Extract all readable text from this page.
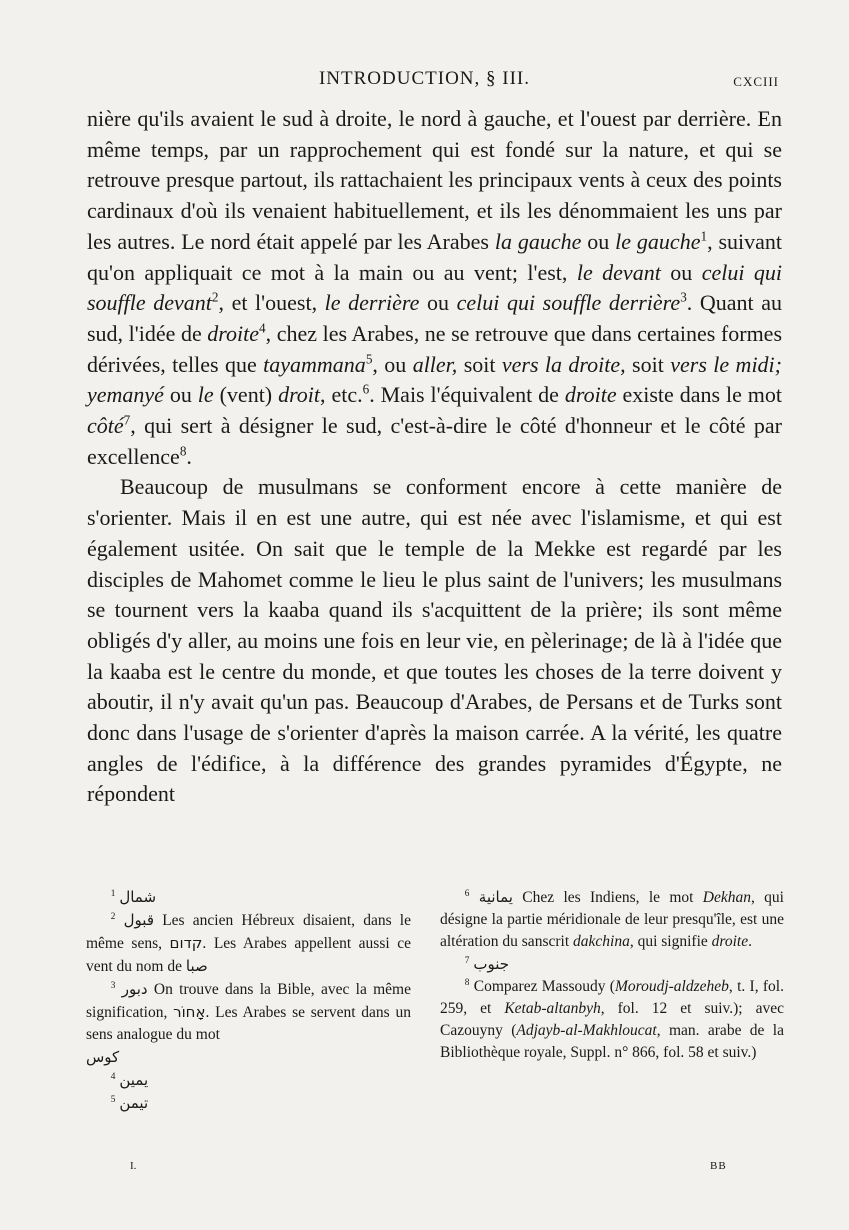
INTRODUCTION, § III.	CXCIII

nière qu'ils avaient le sud à droite, le nord à gauche, et l'ouest par derrière. En même temps, par un rapprochement qui est fondé sur la nature, et qui se retrouve presque partout, ils rattachaient les principaux vents à ceux des points cardinaux d'où ils venaient habituellement, et ils les dénommaient les uns par les autres. Le nord était appelé par les Arabes la gauche ou le gauche$^1$, suivant qu'on appliquait ce mot à la main ou au vent; l'est, le devant ou celui qui souffle devant$^2$, et l'ouest, le derrière ou celui qui souffle derrière$^3$. Quant au sud, l'idée de droite$^4$, chez les Arabes, ne se retrouve que dans certaines formes dérivées, telles que tayammana$^5$, ou aller, soit vers la droite, soit vers le midi; yemanyé ou le (vent) droit, etc.$^6$. Mais l'équivalent de droite existe dans le mot côté$^7$, qui sert à désigner le sud, c'est-à-dire le côté d'honneur et le côté par excellence$^8$.

Beaucoup de musulmans se conforment encore à cette manière de s'orienter. Mais il en est une autre, qui est née avec l'islamisme, et qui est également usitée. On sait que le temple de la Mekke est regardé par les disciples de Mahomet comme le lieu le plus saint de l'univers; les musulmans se tournent vers la kaaba quand ils s'acquittent de la prière; ils sont même obligés d'y aller, au moins une fois en leur vie, en pèlerinage; de là à l'idée que la kaaba est le centre du monde, et que toutes les choses de la terre doivent y aboutir, il n'y avait qu'un pas. Beaucoup d'Arabes, de Persans et de Turks sont donc dans l'usage de s'orienter d'après la maison carrée. A la vérité, les quatre angles de l'édifice, à la différence des grandes pyramides d'Égypte, ne répondent

$^1$ شمال

$^2$ قبول Les ancien Hébreux disaient, dans le même sens, קדום. Les Arabes appellent aussi ce vent du nom de صبا

$^3$ دبور On trouve dans la Bible, avec la même signification, אָחוֹר. Les Arabes se servent dans un sens analogue du mot

كوس

$^4$ يمين

$^5$ تيمن

$^6$ يمانية Chez les Indiens, le mot Dekhan, qui désigne la partie méridionale de leur presqu'île, est une altération du sanscrit dakchina, qui signifie droite.

$^7$ جنوب

$^8$ Comparez Massoudy (Moroudj-aldzeheb, t. I, fol. 259, et Ketab-altanbyh, fol. 12 et suiv.); avec Cazouyny (Adjayb-al-Makhloucat, man. arabe de la Bibliothèque royale, Suppl. n° 866, fol. 58 et suiv.)

I.	BB
